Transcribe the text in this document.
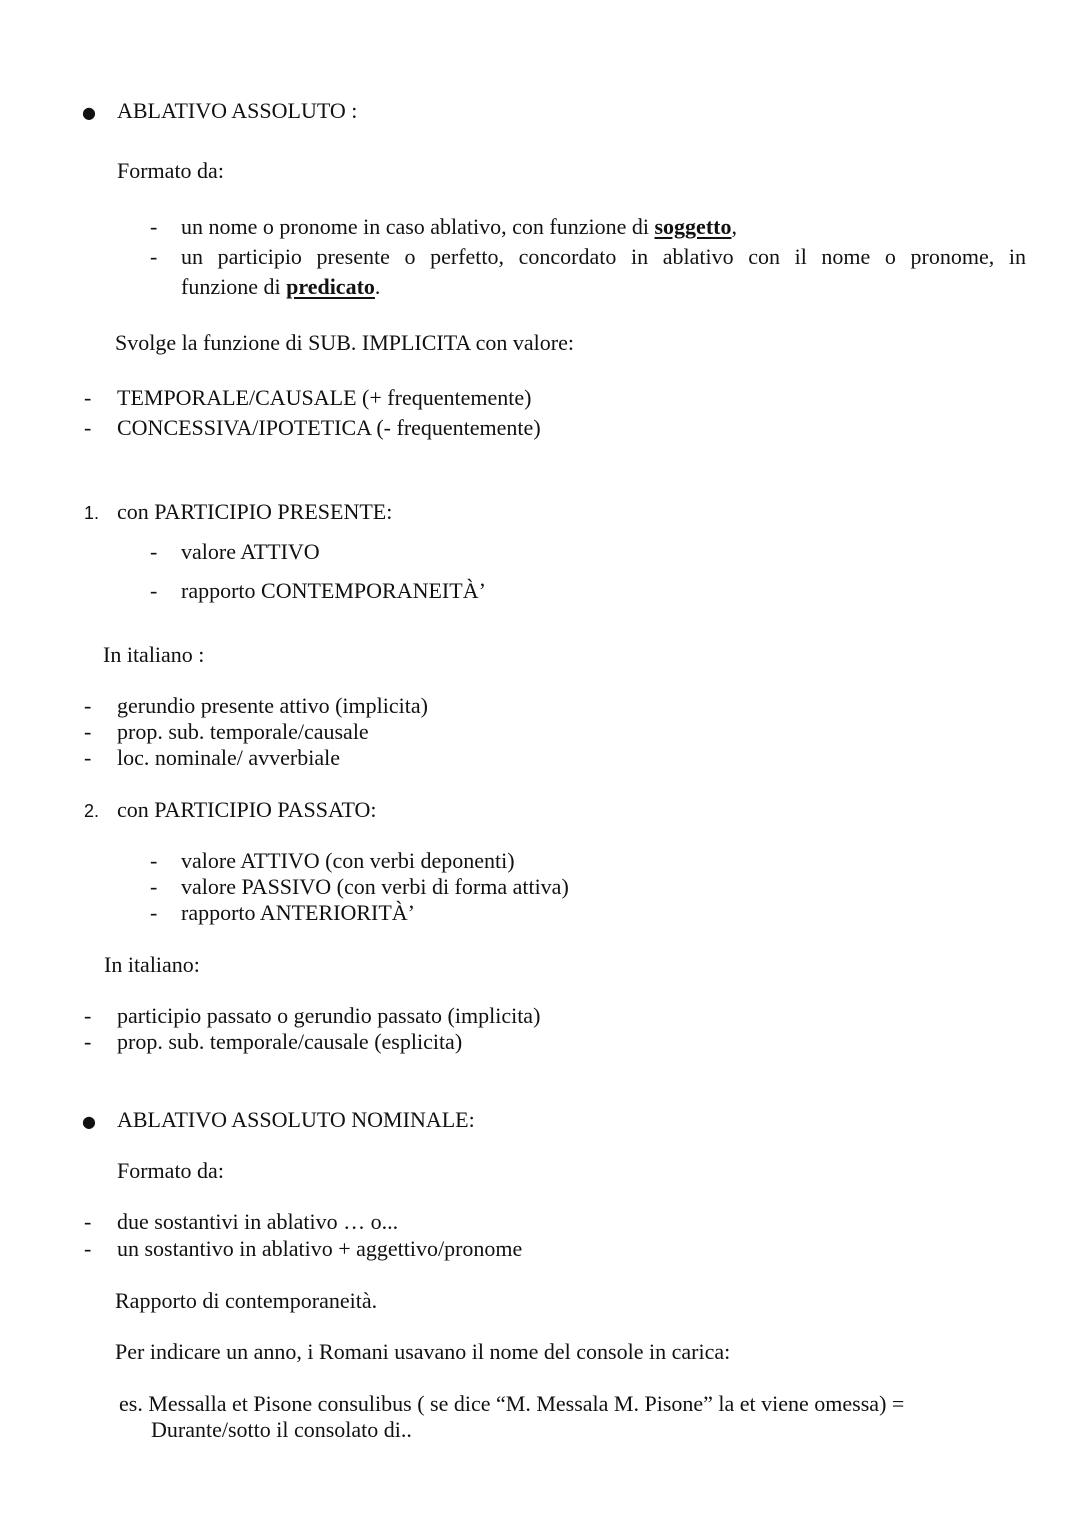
● ABLATIVO ASSOLUTO :
Formato da:
- un nome o pronome in caso ablativo, con funzione di soggetto,
- un participio presente o perfetto, concordato in ablativo con il nome o pronome, in
funzione di predicato.
Svolge la funzione di SUB. IMPLICITA con valore:
- TEMPORALE/CAUSALE (+ frequentemente)
- CONCESSIVA/IPOTETICA (- frequentemente)
1. con PARTICIPIO PRESENTE:
- valore ATTIVO
- rapporto CONTEMPORANEITÀ’
In italiano :
- gerundio presente attivo (implicita)
- prop. sub. temporale/causale
- loc. nominale/ avverbiale
2. con PARTICIPIO PASSATO:
- valore ATTIVO (con verbi deponenti)
- valore PASSIVO (con verbi di forma attiva)
- rapporto ANTERIORITÀ’
In italiano:
- participio passato o gerundio passato (implicita)
- prop. sub. temporale/causale (esplicita)
● ABLATIVO ASSOLUTO NOMINALE:
Formato da:
- due sostantivi in ablativo … o...
- un sostantivo in ablativo + aggettivo/pronome
Rapporto di contemporaneità.
Per indicare un anno, i Romani usavano il nome del console in carica:
es. Messalla et Pisone consulibus ( se dice “M. Messala M. Pisone” la et viene omessa) =
Durante/sotto il consolato di..
